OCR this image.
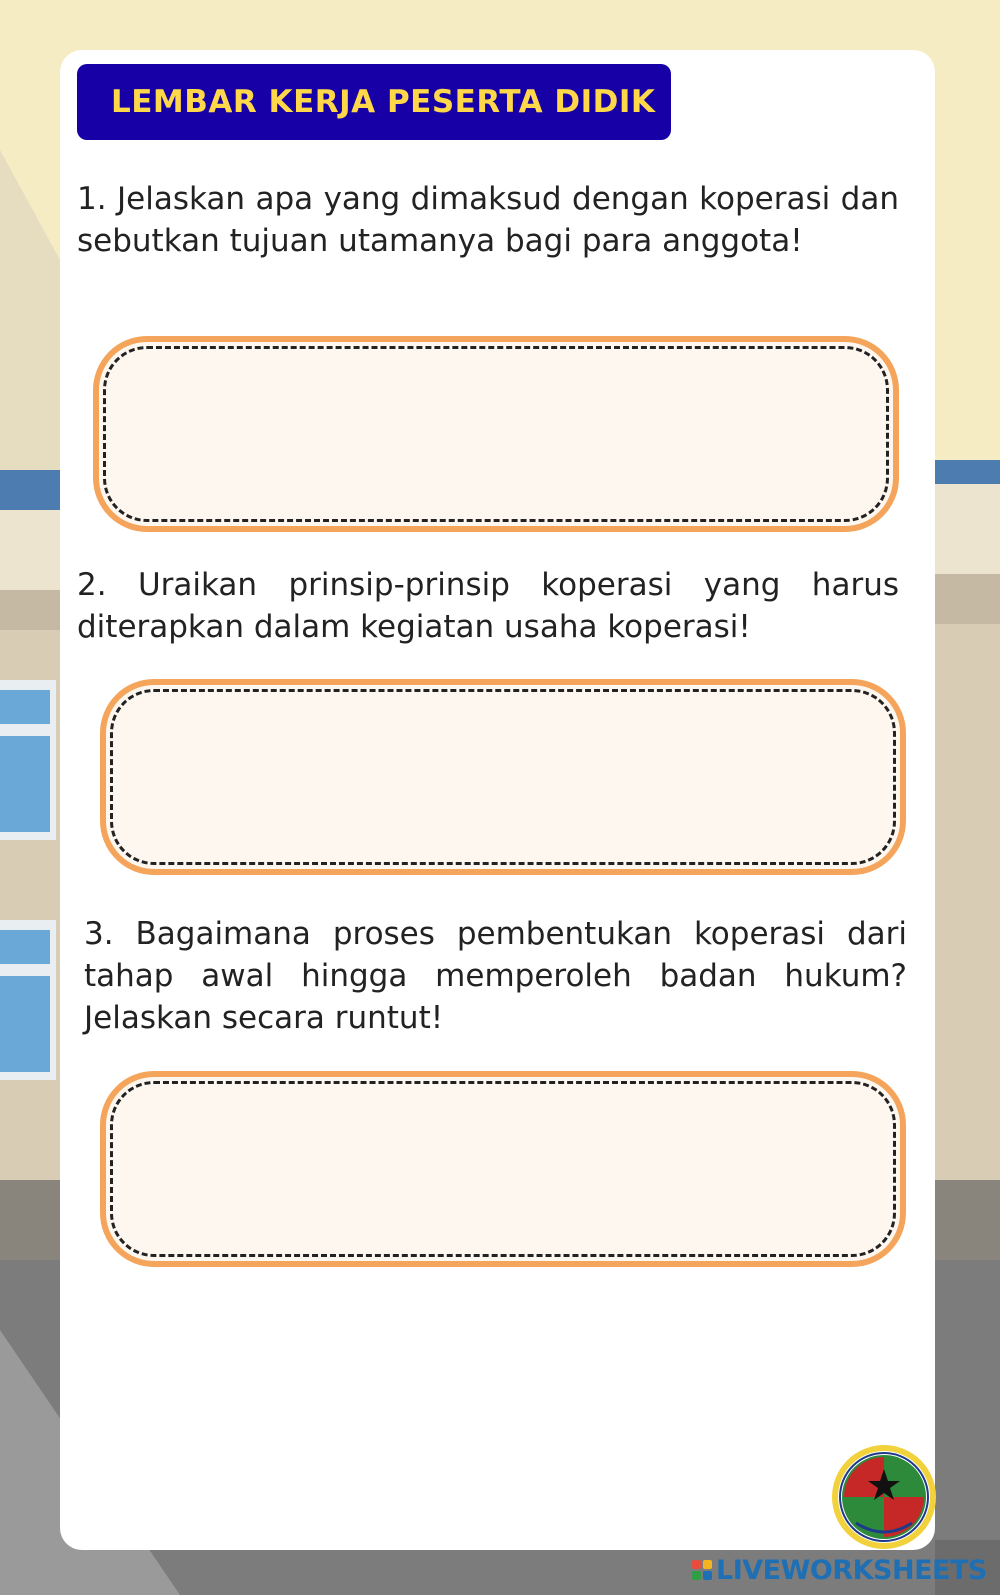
LEMBAR KERJA PESERTA DIDIK
1. Jelaskan apa yang dimaksud dengan koperasi dan sebutkan tujuan utamanya bagi para anggota!
2. Uraikan prinsip-prinsip koperasi yang harus diterapkan dalam kegiatan usaha koperasi!
3. Bagaimana proses pembentukan koperasi dari tahap awal hingga memperoleh badan hukum? Jelaskan secara runtut!
LIVEWORKSHEETS
